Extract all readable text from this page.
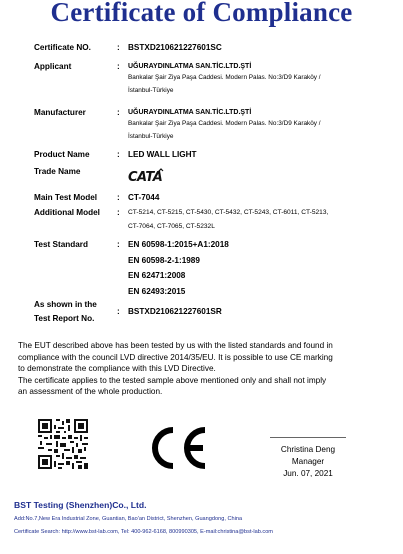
Certificate of Compliance
Certificate NO.	: BSTXD210621227601SC
Applicant	: UĞURAYDINLATMA SAN.TİC.LTD.ŞTİ
Bankalar Şair Ziya Paşa Caddesi. Modern Palas. No:3/D9 Karaköy /
İstanbul-Türkiye
Manufacturer	: UĞURAYDINLATMA SAN.TİC.LTD.ŞTİ
Bankalar Şair Ziya Paşa Caddesi. Modern Palas. No:3/D9 Karaköy /
İstanbul-Türkiye
Product Name	: LED WALL LIGHT
Trade Name	CATA
Main Test Model : CT-7044
Additional Model : CT-5214, CT-5215, CT-5430, CT-5432, CT-5243, CT-6011, CT-5213,
CT-7064, CT-7065, CT-5232L
Test Standard	: EN 60598-1:2015+A1:2018
EN 60598-2-1:1989
EN 62471:2008
EN 62493:2015
As shown in the
Test Report No.
: BSTXD210621227601SR
The EUT described above has been tested by us with the listed standards and found in
compliance with the council LVD directive 2014/35/EU. It is possible to use CE marking
to demonstrate the compliance with this LVD Directive.
The certificate applies to the tested sample above mentioned only and shall not imply
an assessment of the whole production.
Christina Deng
Manager
Jun. 07, 2021
BST Testing (Shenzhen)Co., Ltd.
Add:No.7,New Era Industrial Zone, Guantian, Bao'an District, Shenzhen, Guangdong, China
Certificate Search: http://www.bst-lab.com, Tel: 400-962-6168, 800990305, E-mail:christina@bst-lab.com
